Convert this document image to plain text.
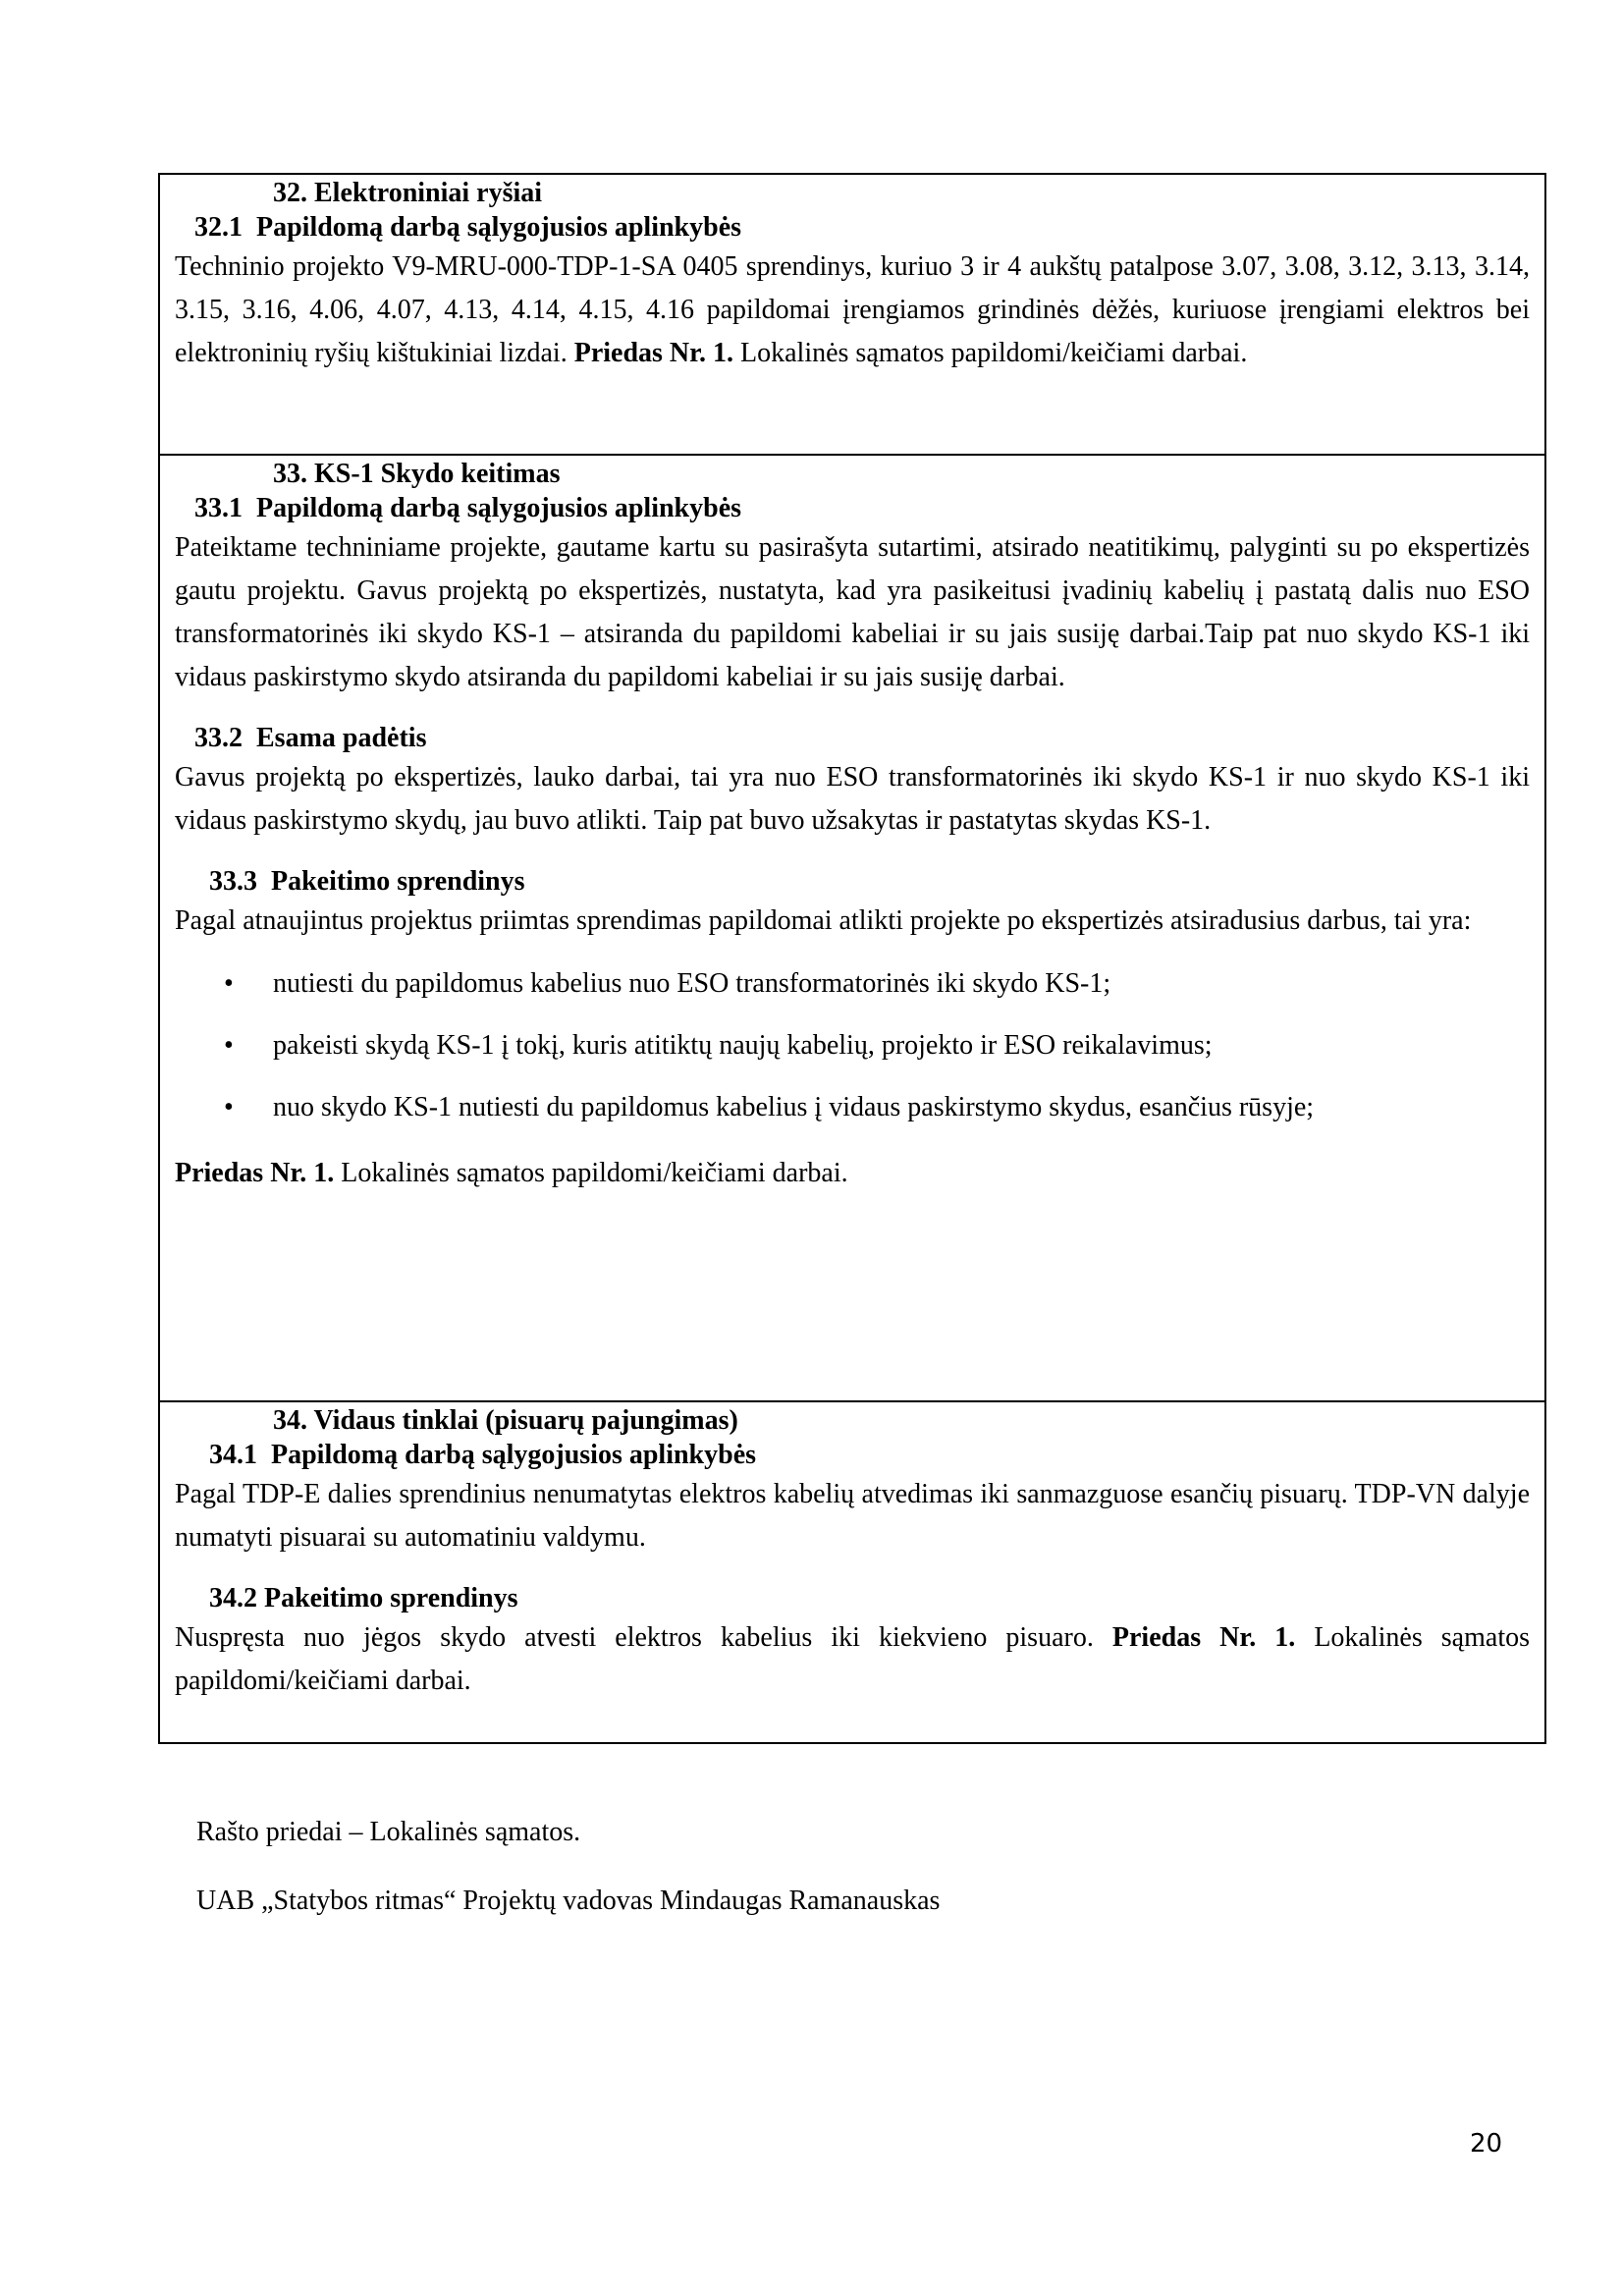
32. Elektroniniai ryšiai
32.1 Papildomą darbą sąlygojusios aplinkybės

Techninio projekto V9-MRU-000-TDP-1-SA 0405 sprendinys, kuriuo 3 ir 4 aukštų patalpose 3.07, 3.08, 3.12, 3.13, 3.14, 3.15, 3.16, 4.06, 4.07, 4.13, 4.14, 4.15, 4.16 papildomai įrengiamos grindinės dėžės, kuriuose įrengiami elektros bei elektroninių ryšių kištukiniai lizdai. Priedas Nr. 1. Lokalinės sąmatos papildomi/keičiami darbai.

33. KS-1 Skydo keitimas
33.1 Papildomą darbą sąlygojusios aplinkybės

Pateiktame techniniame projekte, gautame kartu su pasirašyta sutartimi, atsirado neatitikimų, palyginti su po ekspertizės gautu projektu. Gavus projektą po ekspertizės, nustatyta, kad yra pasikeitusi įvadinių kabelių į pastatą dalis nuo ESO transformatorinės iki skydo KS-1 – atsiranda du papildomi kabeliai ir su jais susiję darbai.Taip pat nuo skydo KS-1 iki vidaus paskirstymo skydo atsiranda du papildomi kabeliai ir su jais susiję darbai.

33.2 Esama padėtis

Gavus projektą po ekspertizės, lauko darbai, tai yra nuo ESO transformatorinės iki skydo KS-1 ir nuo skydo KS-1 iki vidaus paskirstymo skydų, jau buvo atlikti. Taip pat buvo užsakytas ir pastatytas skydas KS-1.

33.3 Pakeitimo sprendinys

Pagal atnaujintus projektus priimtas sprendimas papildomai atlikti projekte po ekspertizės atsiradusius darbus, tai yra:

• nutiesti du papildomus kabelius nuo ESO transformatorinės iki skydo KS-1;
• pakeisti skydą KS-1 į tokį, kuris atitiktų naujų kabelių, projekto ir ESO reikalavimus;
• nuo skydo KS-1 nutiesti du papildomus kabelius į vidaus paskirstymo skydus, esančius rūsyje;

Priedas Nr. 1. Lokalinės sąmatos papildomi/keičiami darbai.

34. Vidaus tinklai (pisuarų pajungimas)
34.1 Papildomą darbą sąlygojusios aplinkybės

Pagal TDP-E dalies sprendinius nenumatytas elektros kabelių atvedimas iki sanmazguose esančių pisuarų. TDP-VN dalyje numatyti pisuarai su automatiniu valdymu.

34.2 Pakeitimo sprendinys

Nuspręsta nuo jėgos skydo atvesti elektros kabelius iki kiekvieno pisuaro. Priedas Nr. 1. Lokalinės sąmatos papildomi/keičiami darbai.

Rašto priedai – Lokalinės sąmatos.
UAB „Statybos ritmas“ Projektų vadovas Mindaugas Ramanauskas
20
